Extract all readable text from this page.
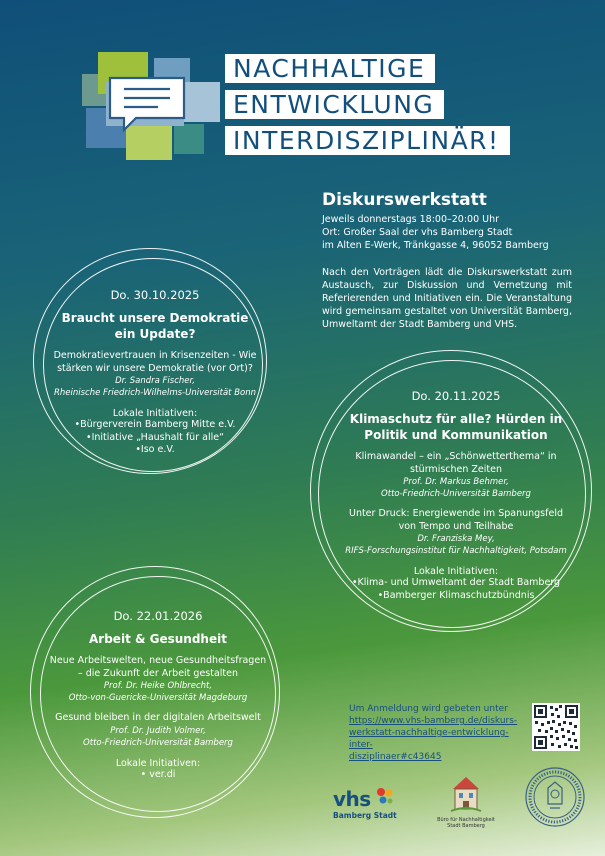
NACHHALTIGE
ENTWICKLUNG
INTERDISZIPLINÄR!
Diskurswerkstatt
Jeweils donnerstags 18:00–20:00 Uhr
Ort: Großer Saal der vhs Bamberg Stadt
im Alten E-Werk, Tränkgasse 4, 96052 Bamberg
Nach den Vorträgen lädt die Diskurswerkstatt zum Austausch, zur Diskussion und Vernetzung mit Referierenden und Initiativen ein. Die Veranstaltung wird gemeinsam gestaltet von Universität Bamberg, Umweltamt der Stadt Bamberg und VHS.
Do. 30.10.2025
Braucht unsere Demokratie
ein Update?
Demokratievertrauen in Krisenzeiten - Wie
stärken wir unsere Demokratie (vor Ort)?
Dr. Sandra Fischer,
Rheinische Friedrich-Wilhelms-Universität Bonn
Lokale Initiativen:
•Bürgerverein Bamberg Mitte e.V.
•Initiative „Haushalt für alle“
•Iso e.V.
Do. 20.11.2025
Klimaschutz für alle? Hürden in
Politik und Kommunikation
Klimawandel – ein „Schönwetterthema“ in
stürmischen Zeiten
Prof. Dr. Markus Behmer,
Otto-Friedrich-Universität Bamberg
Unter Druck: Energiewende im Spanungsfeld
von Tempo und Teilhabe
Dr. Franziska Mey,
RIFS-Forschungsinstitut für Nachhaltigkeit, Potsdam
Lokale Initiativen:
•Klima- und Umweltamt der Stadt Bamberg
•Bamberger Klimaschutzbündnis
Do. 22.01.2026
Arbeit & Gesundheit
Neue Arbeitswelten, neue Gesundheitsfragen
– die Zukunft der Arbeit gestalten
Prof. Dr. Heike Ohlbrecht,
Otto-von-Guericke-Universität Magdeburg
Gesund bleiben in der digitalen Arbeitswelt
Prof. Dr. Judith Volmer,
Otto-Friedrich-Universität Bamberg
Lokale Initiativen:
• ver.di
Um Anmeldung wird gebeten unter
https://www.vhs-bamberg.de/diskurs-
werkstatt-nachhaltige-entwicklung-inter-
disziplinaer#c43645
vhs
Bamberg Stadt	Büro für Nachhaltigkeit
Stadt Bamberg
